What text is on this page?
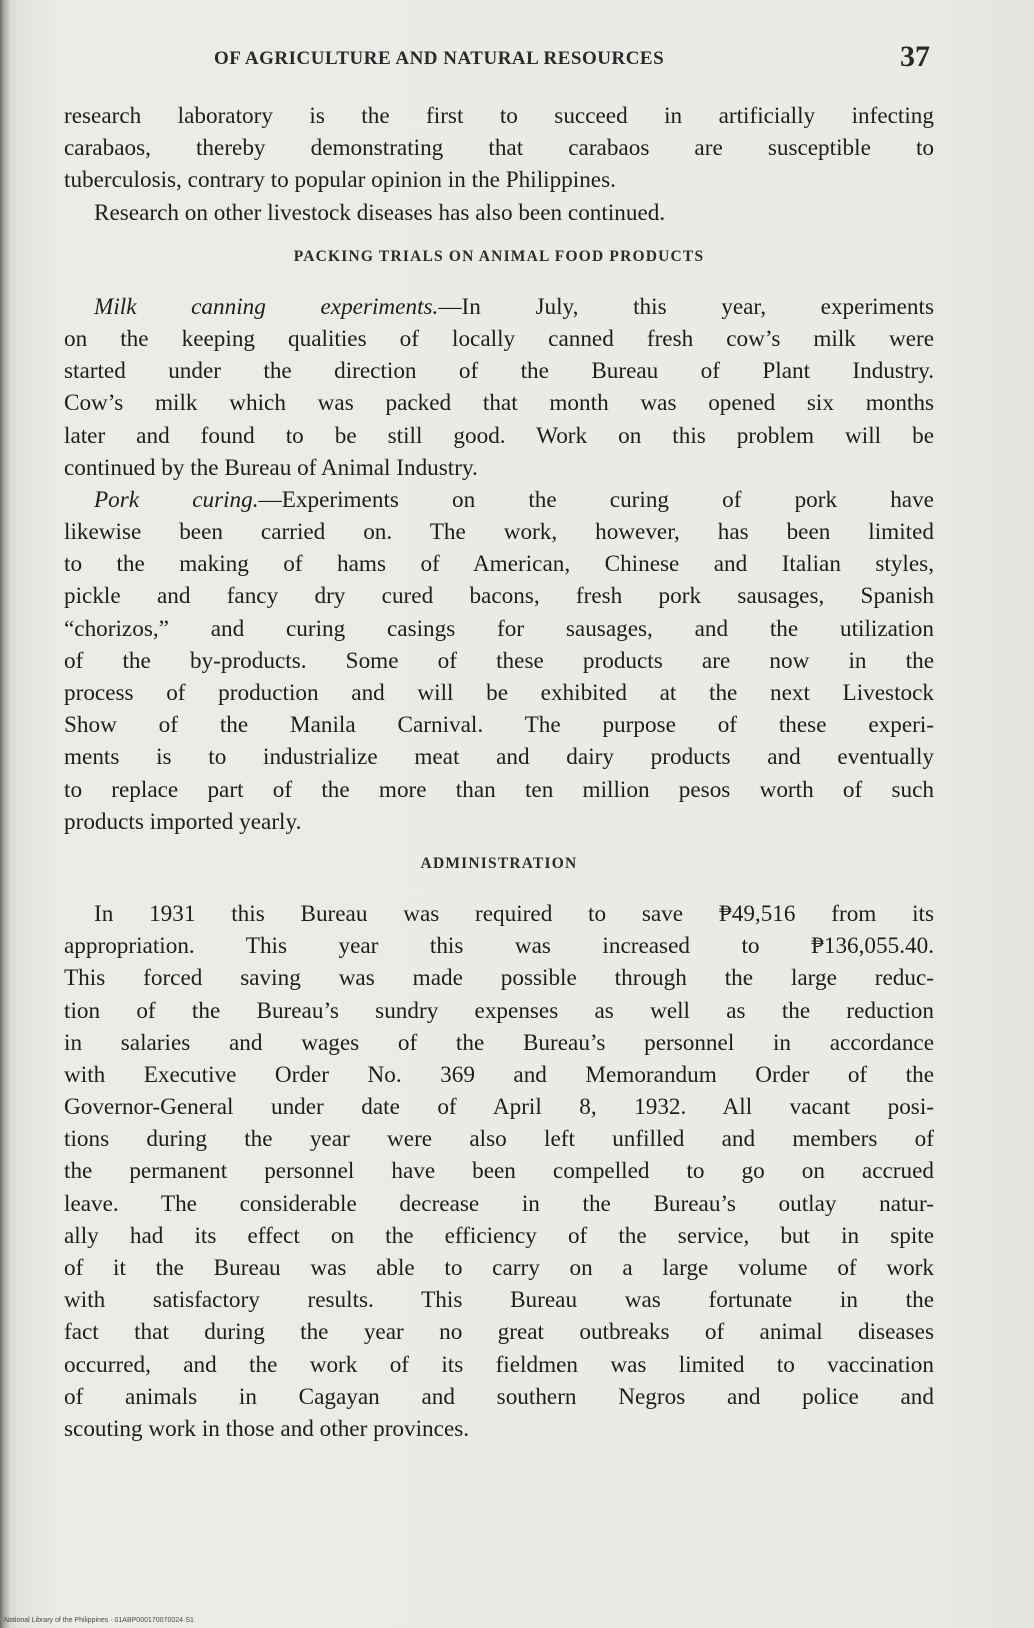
OF AGRICULTURE AND NATURAL RESOURCES	37
research laboratory is the first to succeed in artificially infecting
carabaos, thereby demonstrating that carabaos are susceptible to
tuberculosis, contrary to popular opinion in the Philippines.
Research on other livestock diseases has also been continued.
PACKING TRIALS ON ANIMAL FOOD PRODUCTS
Milk canning experiments.—In July, this year, experiments
on the keeping qualities of locally canned fresh cow’s milk were
started under the direction of the Bureau of Plant Industry.
Cow’s milk which was packed that month was opened six months
later and found to be still good. Work on this problem will be
continued by the Bureau of Animal Industry.
Pork curing.—Experiments on the curing of pork have
likewise been carried on. The work, however, has been limited
to the making of hams of American, Chinese and Italian styles,
pickle and fancy dry cured bacons, fresh pork sausages, Spanish
“chorizos,” and curing casings for sausages, and the utilization
of the by-products. Some of these products are now in the
process of production and will be exhibited at the next Livestock
Show of the Manila Carnival. The purpose of these experi-
ments is to industrialize meat and dairy products and eventually
to replace part of the more than ten million pesos worth of such
products imported yearly.
ADMINISTRATION
In 1931 this Bureau was required to save ₱49,516 from its
appropriation. This year this was increased to ₱136,055.40.
This forced saving was made possible through the large reduc-
tion of the Bureau’s sundry expenses as well as the reduction
in salaries and wages of the Bureau’s personnel in accordance
with Executive Order No. 369 and Memorandum Order of the
Governor-General under date of April 8, 1932. All vacant posi-
tions during the year were also left unfilled and members of
the permanent personnel have been compelled to go on accrued
leave. The considerable decrease in the Bureau’s outlay natur-
ally had its effect on the efficiency of the service, but in spite
of it the Bureau was able to carry on a large volume of work
with satisfactory results. This Bureau was fortunate in the
fact that during the year no great outbreaks of animal diseases
occurred, and the work of its fieldmen was limited to vaccination
of animals in Cagayan and southern Negros and police and
scouting work in those and other provinces.
National Library of the Philippines · 01ABP000170070024·S1
